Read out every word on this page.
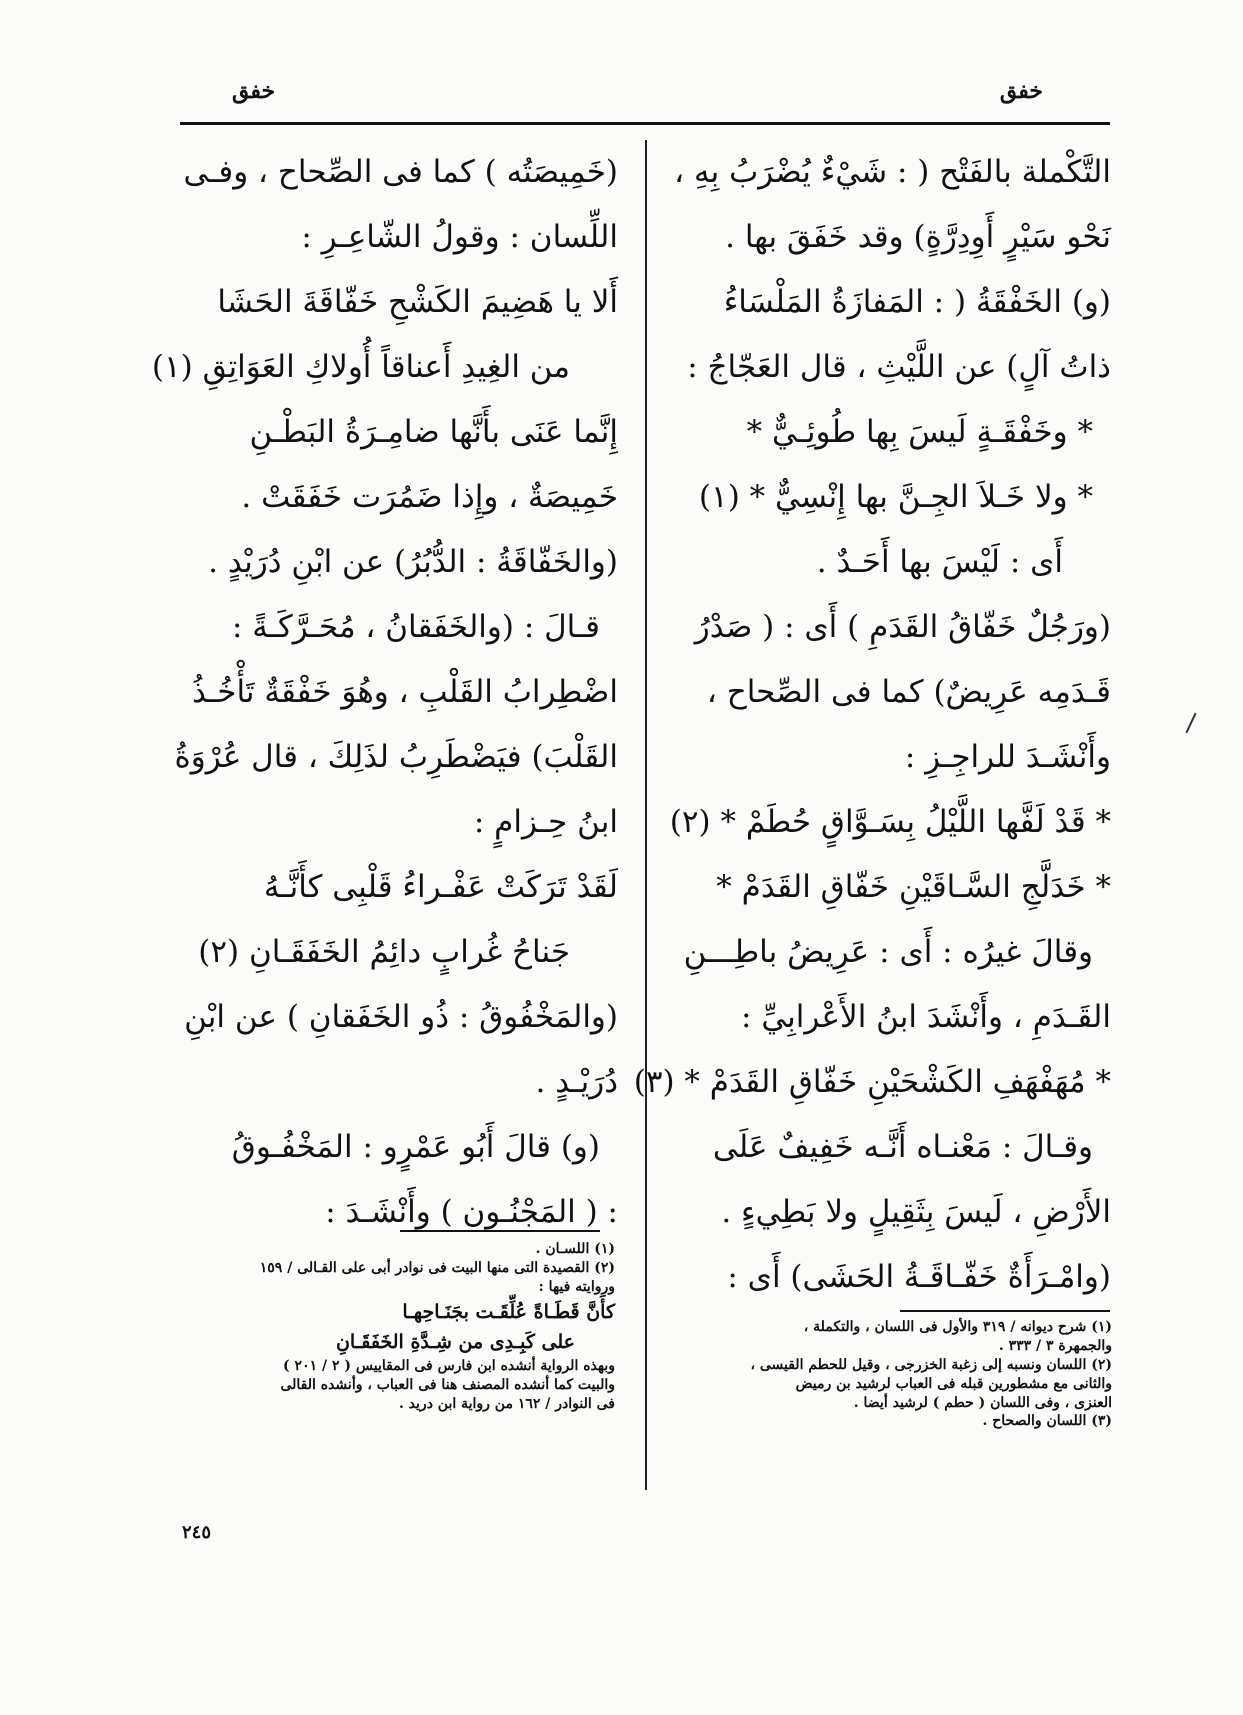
خفق
خفق
التَّكْملة بالفَتْح ( : شَيْءٌ يُضْرَبُ بِهِ ،
نَحْو سَيْرٍ أَوِدِرَّةٍ) وقد خَفَقَ بها .
(و) الخَفْقَةُ ( : المَفازَةُ المَلْسَاءُ
ذاتُ آلٍ) عن اللَّيْثِ ، قال العَجّاجُ :
* وخَفْقَـةٍ لَيسَ بِها طُوئِـيٌّ *
* ولا خَـلاَ الجِـنَّ بها إِنْسِيٌّ * (١)
أَى : لَيْسَ بها أَحَـدٌ .
(ورَجُلٌ خَفّاقُ القَدَمِ ) أَى : ( صَدْرُ
قَـدَمِه عَرِيضٌ) كما فى الصِّحاح ،
وأَنْشَـدَ للراجِـزِ :
* قَدْ لَفَّها اللَّيْلُ بِسَـوَّاقٍ حُطَمْ * (٢)
* خَدَلَّجِ السَّـاقَيْنِ خَفّاقِ القَدَمْ *
وقالَ غيرُه : أَى : عَرِيضُ باطِـــنِ
القَـدَمِ ، وأَنْشَدَ ابنُ الأَعْرابِيِّ :
* مُهَفْهَفِ الكَشْحَيْنِ خَفّاقِ القَدَمْ * (٣)
وقـالَ : مَعْنـاه أَنَّـه خَفِيفٌ عَلَى
الأَرْضِ ، لَيسَ بِثَقِيلٍ ولا بَطِيءٍ .
(وامْـرَأَةٌ خَفّـاقَـةُ الحَشَى) أَى :
(خَمِيصَتُه ) كما فى الصِّحاح ، وفـى
اللِّسان : وقولُ الشّاعِـرِ :
أَلا يا هَضِيمَ الكَشْحِ خَفّاقَةَ الحَشَا
من الغِيدِ أَعناقاً أُولاكِ العَوَاتِقِ (١)
إِنَّما عَنَى بأَنَّها ضامِـرَةُ البَطْـنِ
خَمِيصَةٌ ، وإِذا ضَمُرَت خَفَقَتْ .
(والخَفّاقَةُ : الدُّبُرُ) عن ابْنِ دُرَيْدٍ .
قـالَ : (والخَفَقانُ ، مُحَـرَّكَـةً :
اضْطِرابُ القَلْبِ ، وهُوَ خَفْقَةٌ تَأْخُـذُ
القَلْبَ) فيَضْطَرِبُ لذَلِكَ ، قال عُرْوَةُ
ابنُ حِـزامٍ :
لَقَدْ تَرَكَتْ عَفْـراءُ قَلْبِى كأَنَّـهُ
جَناحُ غُرابٍ دائِمُ الخَفَقَـانِ (٢)
(والمَخْفُوقُ : ذُو الخَفَقانِ ) عن ابْنِ
دُرَيْـدٍ .
(و) قالَ أَبُو عَمْرٍو : المَخْفُـوقُ
: ( المَجْنُـون ) وأَنْشَـدَ :
(١) اللسـان .
(٢) القصيدة التى منها البيت فى نوادر أبى على القـالى / ١٥٩
وروايته فيها :
كأَنَّ قَطَـاةً عُلِّقَـت بجَنَـاحِهـا
على كَبِـدِى من شِـدَّةِ الخَفَقَـانِ
وبهذه الرواية أنشده ابن فارس فى المقاييس ( ٢ / ٢٠١ )
والبيت كما أنشده المصنف هنا فى العباب ، وأنشده القالى
فى النوادر / ١٦٢ من رواية ابن دريد .
(١) شرح ديوانه / ٣١٩ والأول فى اللسان ، والتكملة ،
والجمهرة ٣ / ٣٣٣ .
(٢) اللسان ونسبه إلى زغبة الخزرجى ، وقيل للحطم القيسى ،
والثانى مع مشطورين قبله فى العباب لرشيد بن رميض
العنزى ، وفى اللسان ( حطم ) لرشيد أيضا .
(٣) اللسان والصحاح .
٢٤٥
